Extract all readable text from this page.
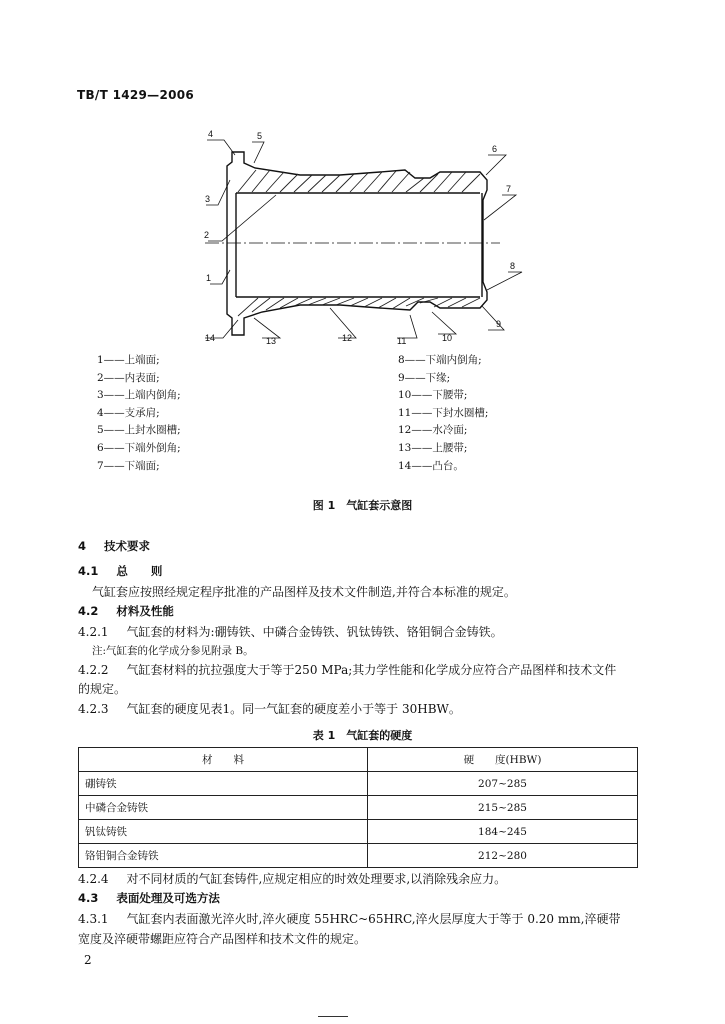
TB/T 1429—2006
1
2
3
4	5
6
7
8
9
10
11
12
13
14
1——上端面;
2——内表面;
3——上端内倒角;
4——支承肩;
5——上封水圈槽;
6——下端外倒角;
7——下端面;
8——下端内倒角;
9——下缘;
10——下腰带;
11——下封水圈槽;
12——水冷面;
13——上腰带;
14——凸台。
图 1　气缸套示意图
4 技术要求
4.1 总　　则
气缸套应按照经规定程序批准的产品图样及技术文件制造,并符合本标准的规定。
4.2 材料及性能
4.2.1 气缸套的材料为:硼铸铁、中磷合金铸铁、钒钛铸铁、铬钼铜合金铸铁。
注:气缸套的化学成分参见附录 B。
4.2.2 气缸套材料的抗拉强度大于等于250 MPa;其力学性能和化学成分应符合产品图样和技术文件
的规定。
4.2.3 气缸套的硬度见表1。同一气缸套的硬度差小于等于 30HBW。
表 1　气缸套的硬度
材　　料	硬　　度(HBW)
硼铸铁	207~285
中磷合金铸铁	215~285
钒钛铸铁	184~245
铬钼铜合金铸铁	212~280
4.2.4 对不同材质的气缸套铸件,应规定相应的时效处理要求,以消除残余应力。
4.3 表面处理及可选方法
4.3.1 气缸套内表面激光淬火时,淬火硬度 55HRC~65HRC,淬火层厚度大于等于 0.20 mm,淬硬带
宽度及淬硬带螺距应符合产品图样和技术文件的规定。
2
